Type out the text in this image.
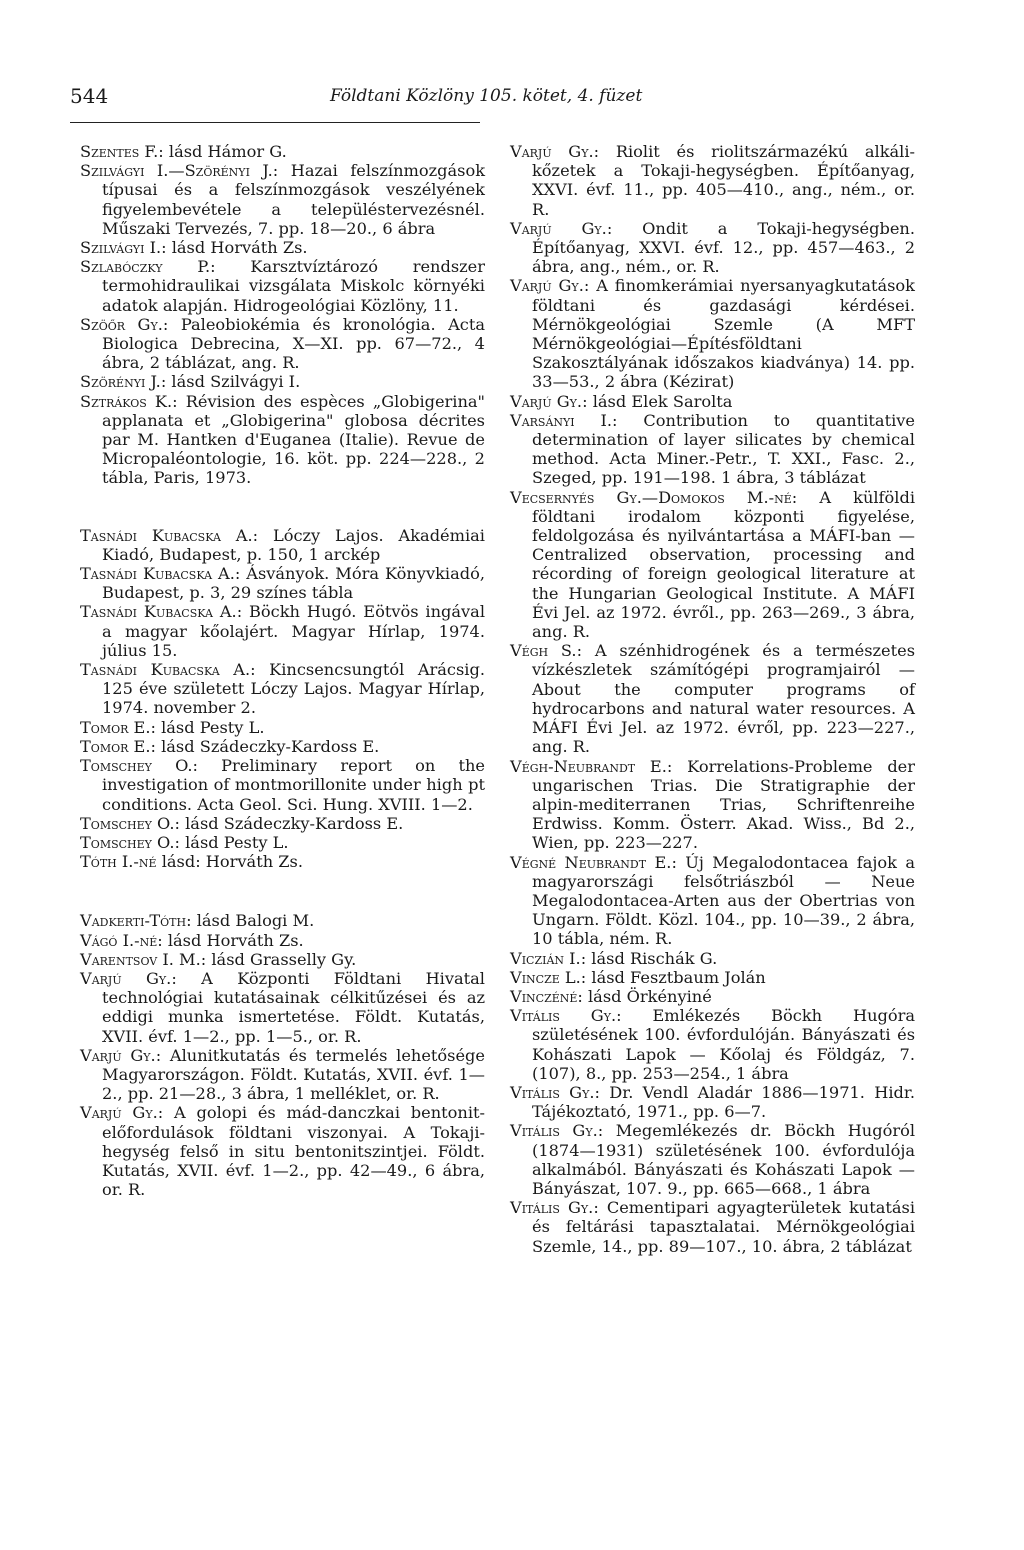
544	Földtani Közlöny 105. kötet, 4. füzet
Szentes F.: lásd Hámor G.
Szilvágyi I.—Szörényi J.: Hazai felszínmozgások típusai és a felszínmozgások veszélyének figyelembevétele a településtervezésnél. Műszaki Tervezés, 7. pp. 18—20., 6 ábra
Szilvágyi I.: lásd Horváth Zs.
Szlabóczky P.: Karsztvíztározó rendszer termohidraulikai vizsgálata Miskolc környéki adatok alapján. Hidrogeológiai Közlöny, 11.
Szöőr Gy.: Paleobiokémia és kronológia. Acta Biologica Debrecina, X—XI. pp. 67—72., 4 ábra, 2 táblázat, ang. R.
Szörényi J.: lásd Szilvágyi I.
Sztrákos K.: Révision des espèces „Globigerina" applanata et „Globigerina" globosa décrites par M. Hantken d'Euganea (Italie). Revue de Micropaléontologie, 16. köt. pp. 224—228., 2 tábla, Paris, 1973.
Tasnádi Kubacska A.: Lóczy Lajos. Akadémiai Kiadó, Budapest, p. 150, 1 arckép
Tasnádi Kubacska A.: Ásványok. Móra Könyvkiadó, Budapest, p. 3, 29 színes tábla
Tasnádi Kubacska A.: Böckh Hugó. Eötvös ingával a magyar kőolajért. Magyar Hírlap, 1974. július 15.
Tasnádi Kubacska A.: Kincsencsungtól Arácsig. 125 éve született Lóczy Lajos. Magyar Hírlap, 1974. november 2.
Tomor E.: lásd Pesty L.
Tomor E.: lásd Szádeczky-Kardoss E.
Tomschey O.: Preliminary report on the investigation of montmorillonite under high pt conditions. Acta Geol. Sci. Hung. XVIII. 1—2.
Tomschey O.: lásd Szádeczky-Kardoss E.
Tomschey O.: lásd Pesty L.
Tóth I.-né lásd: Horváth Zs.
Vadkerti-Tóth: lásd Balogi M.
Vágó I.-né: lásd Horváth Zs.
Varentsov I. M.: lásd Grasselly Gy.
Varjú Gy.: A Központi Földtani Hivatal technológiai kutatásainak célkitűzései és az eddigi munka ismertetése. Földt. Kutatás, XVII. évf. 1—2., pp. 1—5., or. R.
Varjú Gy.: Alunitkutatás és termelés lehetősége Magyarországon. Földt. Kutatás, XVII. évf. 1—2., pp. 21—28., 3 ábra, 1 melléklet, or. R.
Varjú Gy.: A golopi és mád-danczkai bentonit-előfordulások földtani viszonyai. A Tokaji-hegység felső in situ bentonitszintjei. Földt. Kutatás, XVII. évf. 1—2., pp. 42—49., 6 ábra, or. R.
Varjú Gy.: Riolit és riolitszármazékú alkáli-kőzetek a Tokaji-hegységben. Építőanyag, XXVI. évf. 11., pp. 405—410., ang., ném., or. R.
Varjú Gy.: Ondit a Tokaji-hegységben. Építőanyag, XXVI. évf. 12., pp. 457—463., 2 ábra, ang., ném., or. R.
Varjú Gy.: A finomkerámiai nyersanyagkutatások földtani és gazdasági kérdései. Mérnökgeológiai Szemle (A MFT Mérnökgeológiai—Építésföldtani Szakosztályának időszakos kiadványa) 14. pp. 33—53., 2 ábra (Kézirat)
Varjú Gy.: lásd Elek Sarolta
Varsányi I.: Contribution to quantitative determination of layer silicates by chemical method. Acta Miner.-Petr., T. XXI., Fasc. 2., Szeged, pp. 191—198. 1 ábra, 3 táblázat
Vecsernyés Gy.—Domokos M.-né: A külföldi földtani irodalom központi figyelése, feldolgozása és nyilvántartása a MÁFI-ban — Centralized observation, processing and récording of foreign geological literature at the Hungarian Geological Institute. A MÁFI Évi Jel. az 1972. évről., pp. 263—269., 3 ábra, ang. R.
Végh S.: A szénhidrogének és a természetes vízkészletek számítógépi programjairól — About the computer programs of hydrocarbons and natural water resources. A MÁFI Évi Jel. az 1972. évről, pp. 223—227., ang. R.
Végh-Neubrandt E.: Korrelations-Probleme der ungarischen Trias. Die Stratigraphie der alpin-mediterranen Trias, Schriftenreihe Erdwiss. Komm. Österr. Akad. Wiss., Bd 2., Wien, pp. 223—227.
Végné Neubrandt E.: Új Megalodontacea fajok a magyarországi felsőtriászból — Neue Megalodontacea-Arten aus der Obertrias von Ungarn. Földt. Közl. 104., pp. 10—39., 2 ábra, 10 tábla, ném. R.
Viczián I.: lásd Rischák G.
Vincze L.: lásd Fesztbaum Jolán
Vinczéné: lásd Örkényiné
Vitális Gy.: Emlékezés Böckh Hugóra születésének 100. évfordulóján. Bányászati és Kohászati Lapok — Kőolaj és Földgáz, 7. (107), 8., pp. 253—254., 1 ábra
Vitális Gy.: Dr. Vendl Aladár 1886—1971. Hidr. Tájékoztató, 1971., pp. 6—7.
Vitális Gy.: Megemlékezés dr. Böckh Hugóról (1874—1931) születésének 100. évfordulója alkalmából. Bányászati és Kohászati Lapok — Bányászat, 107. 9., pp. 665—668., 1 ábra
Vitális Gy.: Cementipari agyagterületek kutatási és feltárási tapasztalatai. Mérnökgeológiai Szemle, 14., pp. 89—107., 10. ábra, 2 táblázat
